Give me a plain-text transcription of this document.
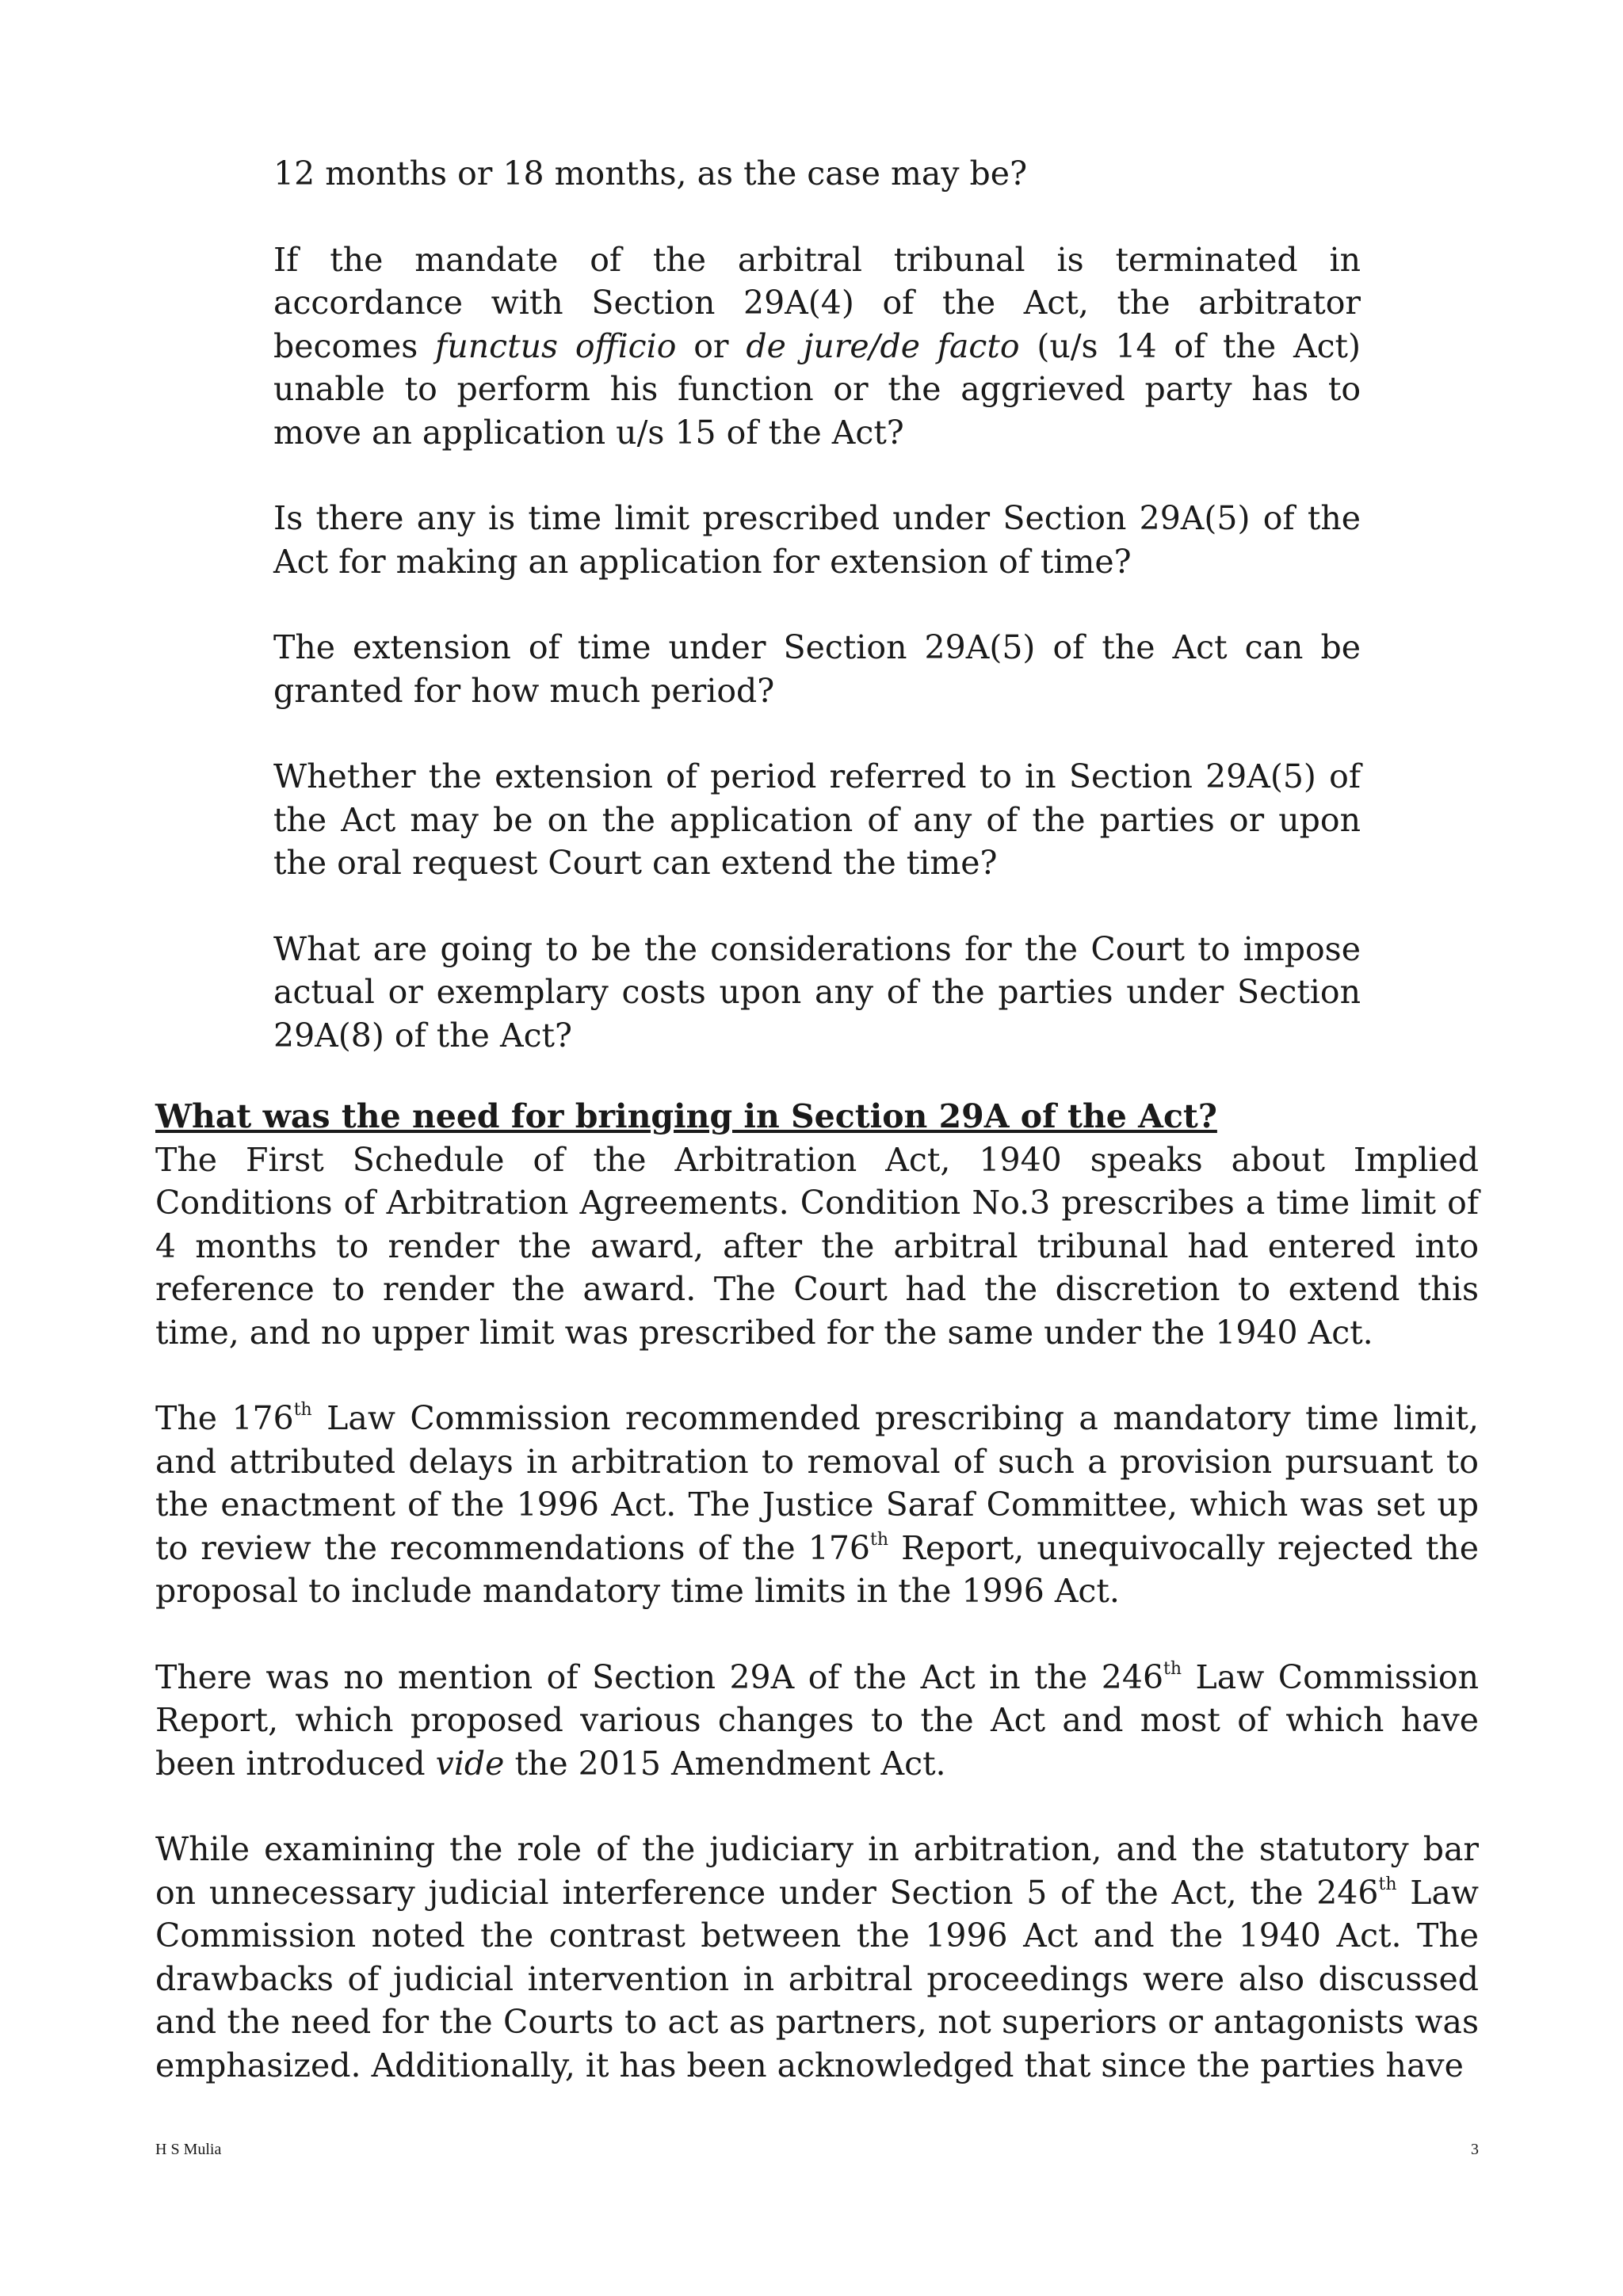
12 months or 18 months, as the case may be?

If the mandate of the arbitral tribunal is terminated in accordance with Section 29A(4) of the Act, the arbitrator becomes functus officio or de jure/de facto (u/s 14 of the Act) unable to perform his function or the aggrieved party has to move an application u/s 15 of the Act?

Is there any is time limit prescribed under Section 29A(5) of the Act for making an application for extension of time?

The extension of time under Section 29A(5) of the Act can be granted for how much period?

Whether the extension of period referred to in Section 29A(5) of the Act may be on the application of any of the parties or upon the oral request Court can extend the time?

What are going to be the considerations for the Court to impose actual or exemplary costs upon any of the parties under Section 29A(8) of the Act?

What was the need for bringing in Section 29A of the Act?

The First Schedule of the Arbitration Act, 1940 speaks about Implied Conditions of Arbitration Agreements. Condition No.3 prescribes a time limit of 4 months to render the award, after the arbitral tribunal had entered into reference to render the award. The Court had the discretion to extend this time, and no upper limit was prescribed for the same under the 1940 Act.

The 176th Law Commission recommended prescribing a mandatory time limit, and attributed delays in arbitration to removal of such a provision pursuant to the enactment of the 1996 Act. The Justice Saraf Committee, which was set up to review the recommendations of the 176th Report, unequivocally rejected the proposal to include mandatory time limits in the 1996 Act.

There was no mention of Section 29A of the Act in the 246th Law Commission Report, which proposed various changes to the Act and most of which have been introduced vide the 2015 Amendment Act.

While examining the role of the judiciary in arbitration, and the statutory bar on unnecessary judicial interference under Section 5 of the Act, the 246th Law Commission noted the contrast between the 1996 Act and the 1940 Act. The drawbacks of judicial intervention in arbitral proceedings were also discussed and the need for the Courts to act as partners, not superiors or antagonists was emphasized. Additionally, it has been acknowledged that since the parties have

H S Mulia	3
